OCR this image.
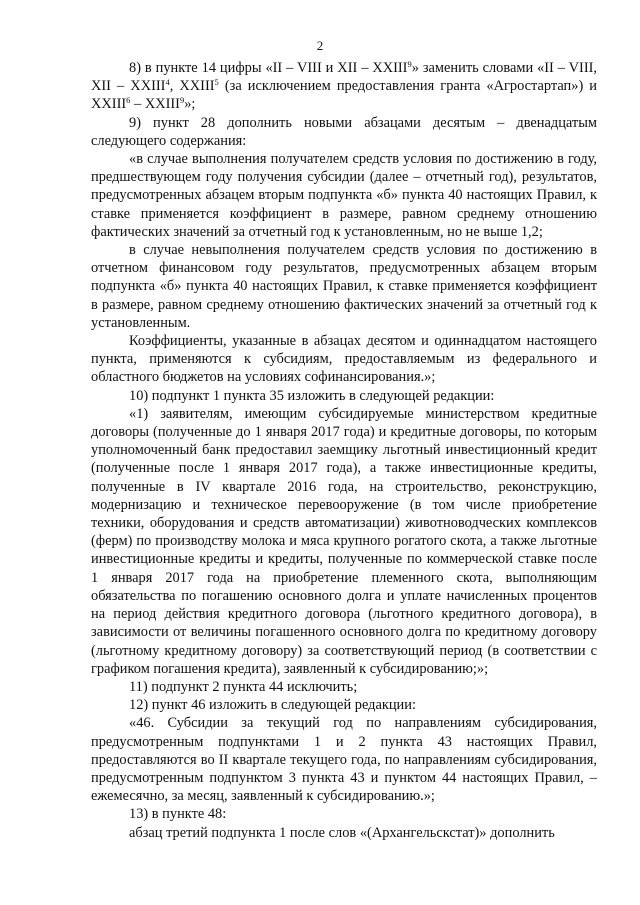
2

8) в пункте 14 цифры «II – VIII и XII – XXIII$^9$» заменить словами «II – VIII, XII – XXIII$^4$, XXIII$^5$ (за исключением предоставления гранта «Агростартап») и XXIII$^6$ – XXIII$^9$»;

9) пункт 28 дополнить новыми абзацами десятым – двенадцатым следующего содержания:

«в случае выполнения получателем средств условия по достижению в году, предшествующем году получения субсидии (далее – отчетный год), результатов, предусмотренных абзацем вторым подпункта «б» пункта 40 настоящих Правил, к ставке применяется коэффициент в размере, равном среднему отношению фактических значений за отчетный год к установленным, но не выше 1,2;

в случае невыполнения получателем средств условия по достижению в отчетном финансовом году результатов, предусмотренных абзацем вторым подпункта «б» пункта 40 настоящих Правил, к ставке применяется коэффициент в размере, равном среднему отношению фактических значений за отчетный год к установленным.

Коэффициенты, указанные в абзацах десятом и одиннадцатом настоящего пункта, применяются к субсидиям, предоставляемым из федерального и областного бюджетов на условиях софинансирования.»;

10) подпункт 1 пункта 35 изложить в следующей редакции:

«1) заявителям, имеющим субсидируемые министерством кредитные договоры (полученные до 1 января 2017 года) и кредитные договоры, по которым уполномоченный банк предоставил заемщику льготный инвестиционный кредит (полученные после 1 января 2017 года), а также инвестиционные кредиты, полученные в IV квартале 2016 года, на строительство, реконструкцию, модернизацию и техническое перевооружение (в том числе приобретение техники, оборудования и средств автоматизации) животноводческих комплексов (ферм) по производству молока и мяса крупного рогатого скота, а также льготные инвестиционные кредиты и кредиты, полученные по коммерческой ставке после 1 января 2017 года на приобретение племенного скота, выполняющим обязательства по погашению основного долга и уплате начисленных процентов на период действия кредитного договора (льготного кредитного договора), в зависимости от величины погашенного основного долга по кредитному договору (льготному кредитному договору) за соответствующий период (в соответствии с графиком погашения кредита), заявленный к субсидированию;»;

11) подпункт 2 пункта 44 исключить;

12) пункт 46 изложить в следующей редакции:

«46. Субсидии за текущий год по направлениям субсидирования, предусмотренным подпунктами 1 и 2 пункта 43 настоящих Правил, предоставляются во II квартале текущего года, по направлениям субсидирования, предусмотренным подпунктом 3 пункта 43 и пунктом 44 настоящих Правил, – ежемесячно, за месяц, заявленный к субсидированию.»;

13) в пункте 48:

абзац третий подпункта 1 после слов «(Архангельскстат)» дополнить
